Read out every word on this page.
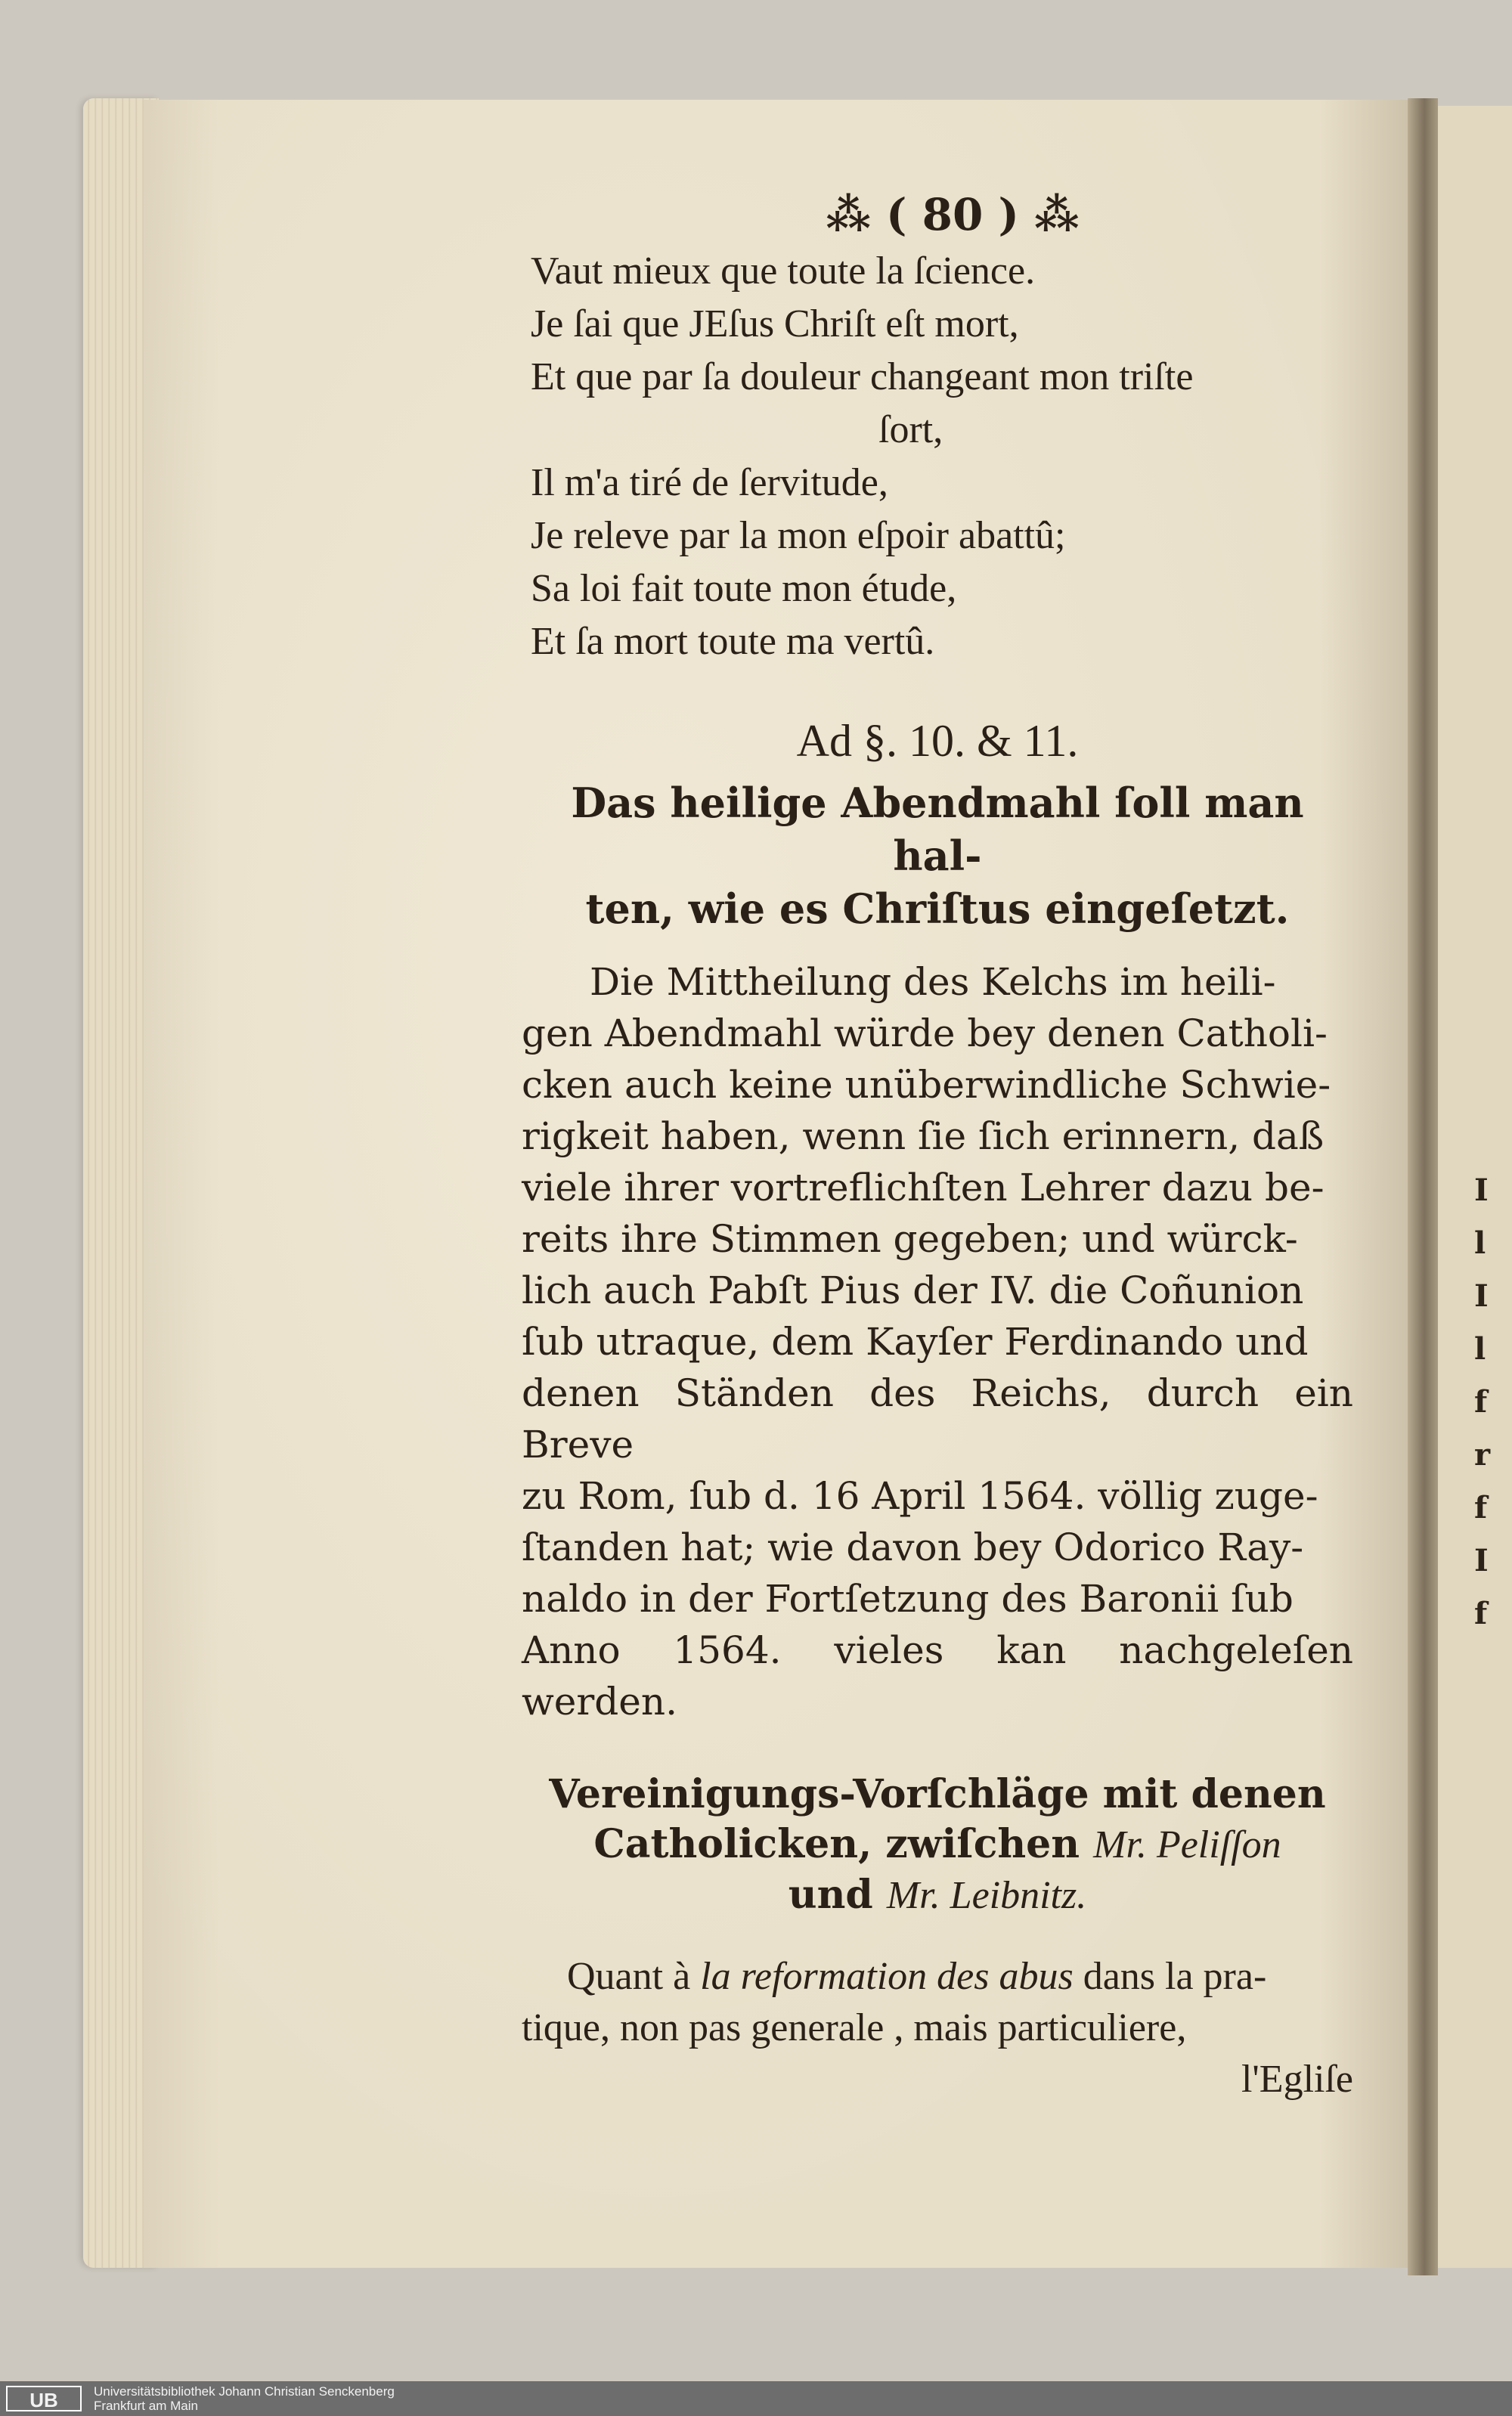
I
l
I
l
f
r
f
I
f
⁂ ( 80 ) ⁂
Vaut mieux que toute la ſcience.
Je ſai que JEſus Chriſt eſt mort,
Et que par ſa douleur changeant mon triſte
ſort,
Il m'a tiré de ſervitude,
Je releve par la mon eſpoir abattû;
Sa loi fait toute mon étude,
Et ſa mort toute ma vertû.
Ad §. 10. & 11.
Das heilige Abendmahl ſoll man hal-
ten, wie es Chriſtus eingeſetzt.
Die Mittheilung des Kelchs im heili-
gen Abendmahl würde bey denen Catholi-
cken auch keine unüberwindliche Schwie-
rigkeit haben, wenn ſie ſich erinnern, daß
viele ihrer vortreflichſten Lehrer dazu be-
reits ihre Stimmen gegeben; und würck-
lich auch Pabſt Pius der IV. die Coñunion
ſub utraque, dem Kayſer Ferdinando und
denen Ständen des Reichs, durch ein Breve
zu Rom, ſub d. 16 April 1564. völlig zuge-
ſtanden hat; wie davon bey Odorico Ray-
naldo in der Fortſetzung des Baronii ſub
Anno 1564. vieles kan nachgeleſen werden.
Vereinigungs-Vorſchläge mit denen
Catholicken, zwiſchen Mr. Peliſſon
und Mr. Leibnitz.
Quant à la reformation des abus dans la pra-
tique, non pas generale , mais particuliere,
l'Egliſe
UB	Universitätsbibliothek Johann Christian Senckenberg
Frankfurt am Main
